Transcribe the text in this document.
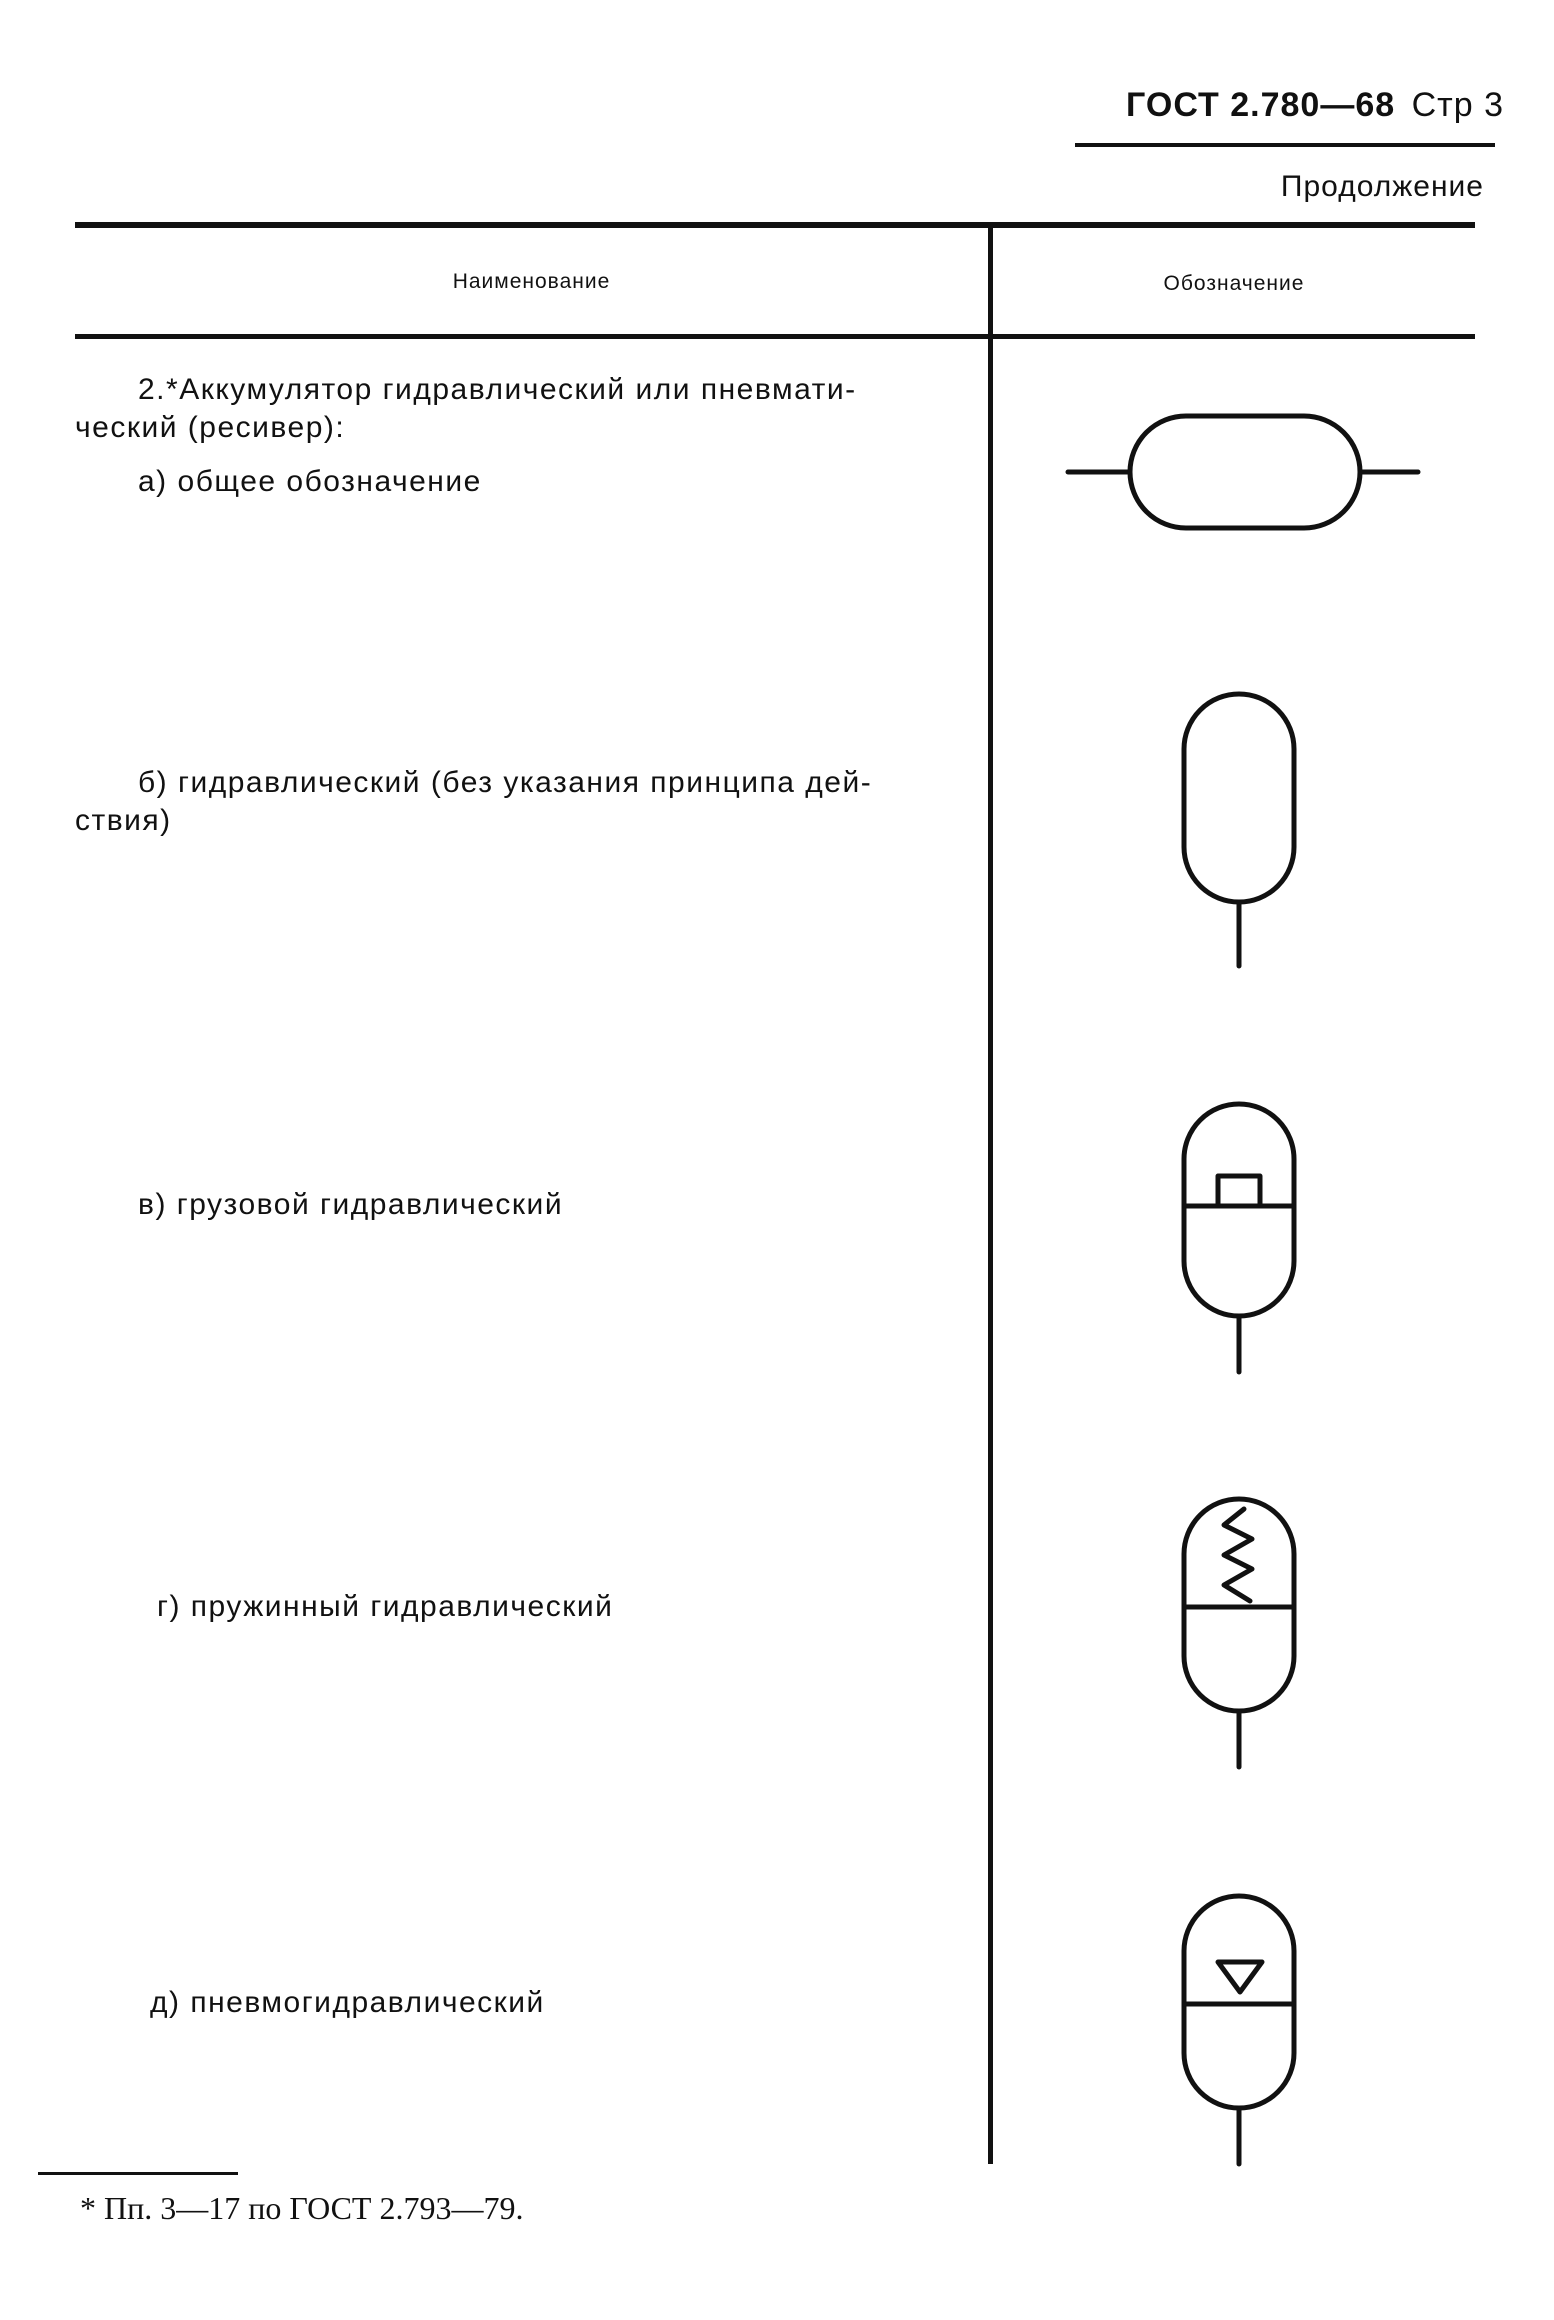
ГОСТ 2.780—68 Стр 3
Продолжение
Наименование	Обозначение
2.*Аккумулятор гидравлический или пневмати-
ческий (ресивер):
а) общее обозначение
б) гидравлический (без указания принципа дей-
ствия)
в) грузовой гидравлический
г) пружинный гидравлический
д) пневмогидравлический
* Пп. 3—17 по ГОСТ 2.793—79.
